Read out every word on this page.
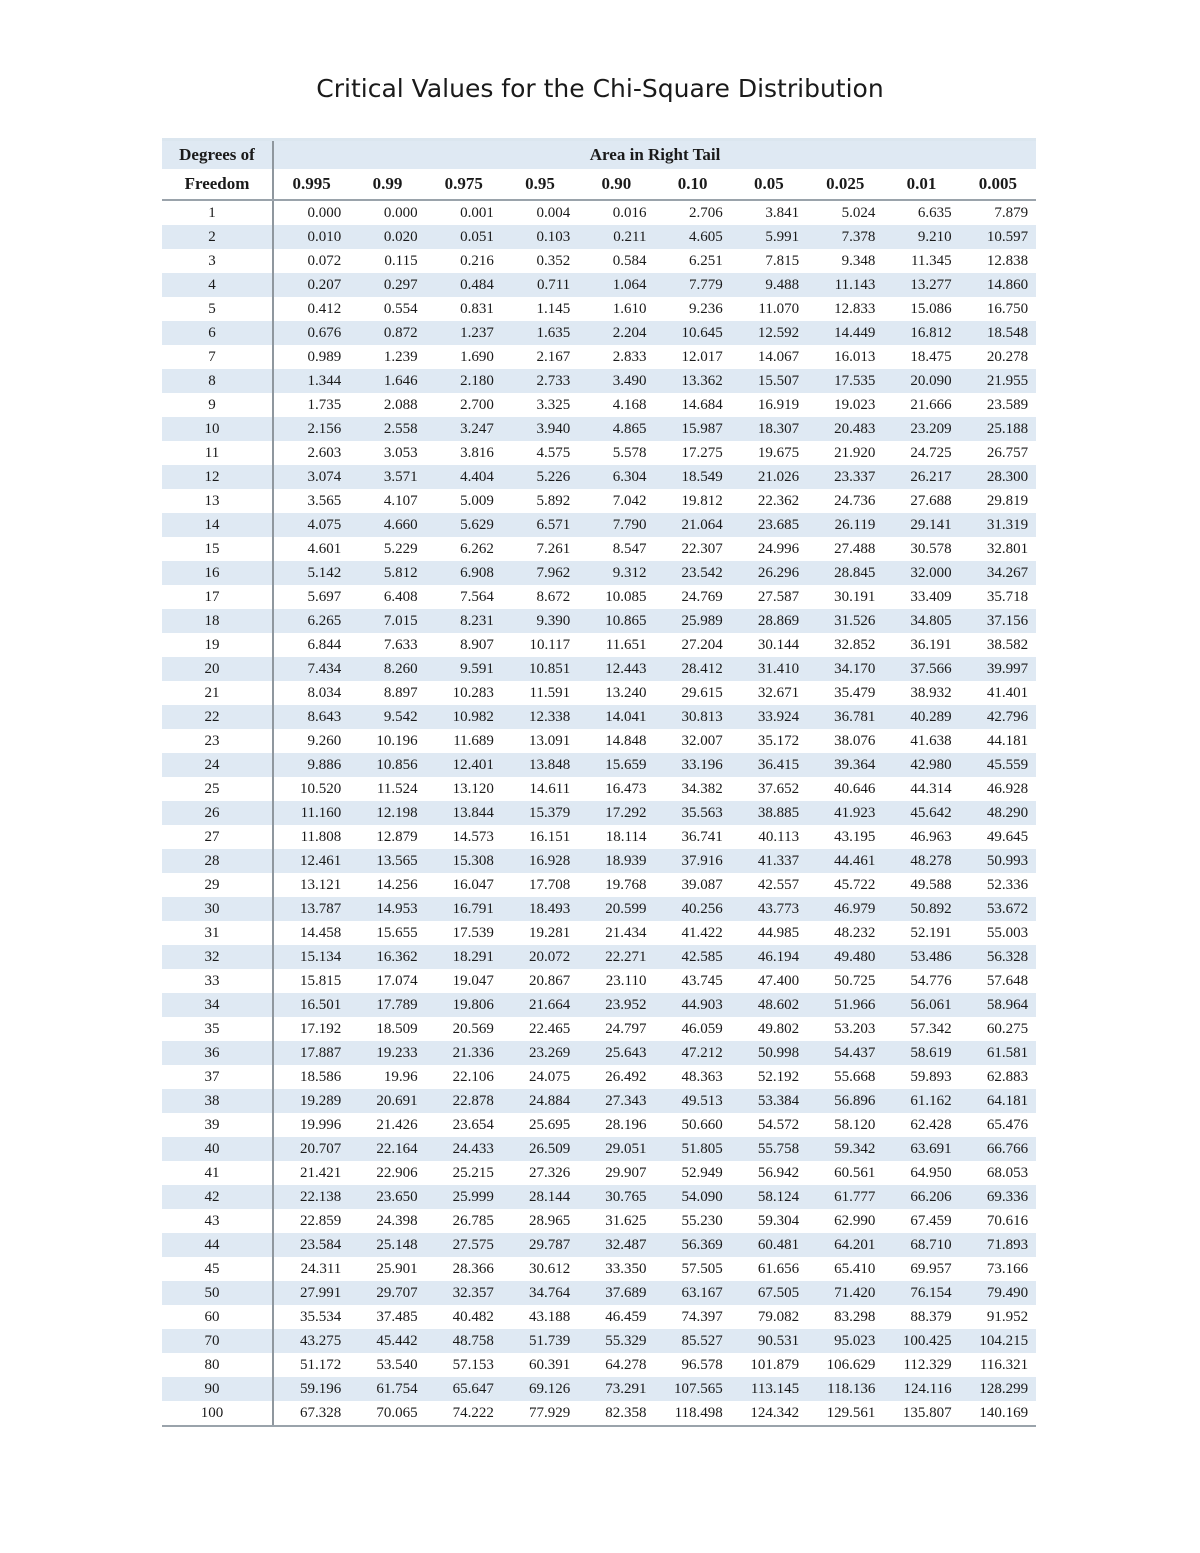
Critical Values for the Chi-Square Distribution
Degrees of	Area in Right Tail									
Freedom	0.995	0.99	0.975	0.95	0.90	0.10	0.05	0.025	0.01	0.005
1	0.000	0.000	0.001	0.004	0.016	2.706	3.841	5.024	6.635	7.879
2	0.010	0.020	0.051	0.103	0.211	4.605	5.991	7.378	9.210	10.597
3	0.072	0.115	0.216	0.352	0.584	6.251	7.815	9.348	11.345	12.838
4	0.207	0.297	0.484	0.711	1.064	7.779	9.488	11.143	13.277	14.860
5	0.412	0.554	0.831	1.145	1.610	9.236	11.070	12.833	15.086	16.750
6	0.676	0.872	1.237	1.635	2.204	10.645	12.592	14.449	16.812	18.548
7	0.989	1.239	1.690	2.167	2.833	12.017	14.067	16.013	18.475	20.278
8	1.344	1.646	2.180	2.733	3.490	13.362	15.507	17.535	20.090	21.955
9	1.735	2.088	2.700	3.325	4.168	14.684	16.919	19.023	21.666	23.589
10	2.156	2.558	3.247	3.940	4.865	15.987	18.307	20.483	23.209	25.188
11	2.603	3.053	3.816	4.575	5.578	17.275	19.675	21.920	24.725	26.757
12	3.074	3.571	4.404	5.226	6.304	18.549	21.026	23.337	26.217	28.300
13	3.565	4.107	5.009	5.892	7.042	19.812	22.362	24.736	27.688	29.819
14	4.075	4.660	5.629	6.571	7.790	21.064	23.685	26.119	29.141	31.319
15	4.601	5.229	6.262	7.261	8.547	22.307	24.996	27.488	30.578	32.801
16	5.142	5.812	6.908	7.962	9.312	23.542	26.296	28.845	32.000	34.267
17	5.697	6.408	7.564	8.672	10.085	24.769	27.587	30.191	33.409	35.718
18	6.265	7.015	8.231	9.390	10.865	25.989	28.869	31.526	34.805	37.156
19	6.844	7.633	8.907	10.117	11.651	27.204	30.144	32.852	36.191	38.582
20	7.434	8.260	9.591	10.851	12.443	28.412	31.410	34.170	37.566	39.997
21	8.034	8.897	10.283	11.591	13.240	29.615	32.671	35.479	38.932	41.401
22	8.643	9.542	10.982	12.338	14.041	30.813	33.924	36.781	40.289	42.796
23	9.260	10.196	11.689	13.091	14.848	32.007	35.172	38.076	41.638	44.181
24	9.886	10.856	12.401	13.848	15.659	33.196	36.415	39.364	42.980	45.559
25	10.520	11.524	13.120	14.611	16.473	34.382	37.652	40.646	44.314	46.928
26	11.160	12.198	13.844	15.379	17.292	35.563	38.885	41.923	45.642	48.290
27	11.808	12.879	14.573	16.151	18.114	36.741	40.113	43.195	46.963	49.645
28	12.461	13.565	15.308	16.928	18.939	37.916	41.337	44.461	48.278	50.993
29	13.121	14.256	16.047	17.708	19.768	39.087	42.557	45.722	49.588	52.336
30	13.787	14.953	16.791	18.493	20.599	40.256	43.773	46.979	50.892	53.672
31	14.458	15.655	17.539	19.281	21.434	41.422	44.985	48.232	52.191	55.003
32	15.134	16.362	18.291	20.072	22.271	42.585	46.194	49.480	53.486	56.328
33	15.815	17.074	19.047	20.867	23.110	43.745	47.400	50.725	54.776	57.648
34	16.501	17.789	19.806	21.664	23.952	44.903	48.602	51.966	56.061	58.964
35	17.192	18.509	20.569	22.465	24.797	46.059	49.802	53.203	57.342	60.275
36	17.887	19.233	21.336	23.269	25.643	47.212	50.998	54.437	58.619	61.581
37	18.586	19.96	22.106	24.075	26.492	48.363	52.192	55.668	59.893	62.883
38	19.289	20.691	22.878	24.884	27.343	49.513	53.384	56.896	61.162	64.181
39	19.996	21.426	23.654	25.695	28.196	50.660	54.572	58.120	62.428	65.476
40	20.707	22.164	24.433	26.509	29.051	51.805	55.758	59.342	63.691	66.766
41	21.421	22.906	25.215	27.326	29.907	52.949	56.942	60.561	64.950	68.053
42	22.138	23.650	25.999	28.144	30.765	54.090	58.124	61.777	66.206	69.336
43	22.859	24.398	26.785	28.965	31.625	55.230	59.304	62.990	67.459	70.616
44	23.584	25.148	27.575	29.787	32.487	56.369	60.481	64.201	68.710	71.893
45	24.311	25.901	28.366	30.612	33.350	57.505	61.656	65.410	69.957	73.166
50	27.991	29.707	32.357	34.764	37.689	63.167	67.505	71.420	76.154	79.490
60	35.534	37.485	40.482	43.188	46.459	74.397	79.082	83.298	88.379	91.952
70	43.275	45.442	48.758	51.739	55.329	85.527	90.531	95.023	100.425	104.215
80	51.172	53.540	57.153	60.391	64.278	96.578	101.879	106.629	112.329	116.321
90	59.196	61.754	65.647	69.126	73.291	107.565	113.145	118.136	124.116	128.299
100	67.328	70.065	74.222	77.929	82.358	118.498	124.342	129.561	135.807	140.169
